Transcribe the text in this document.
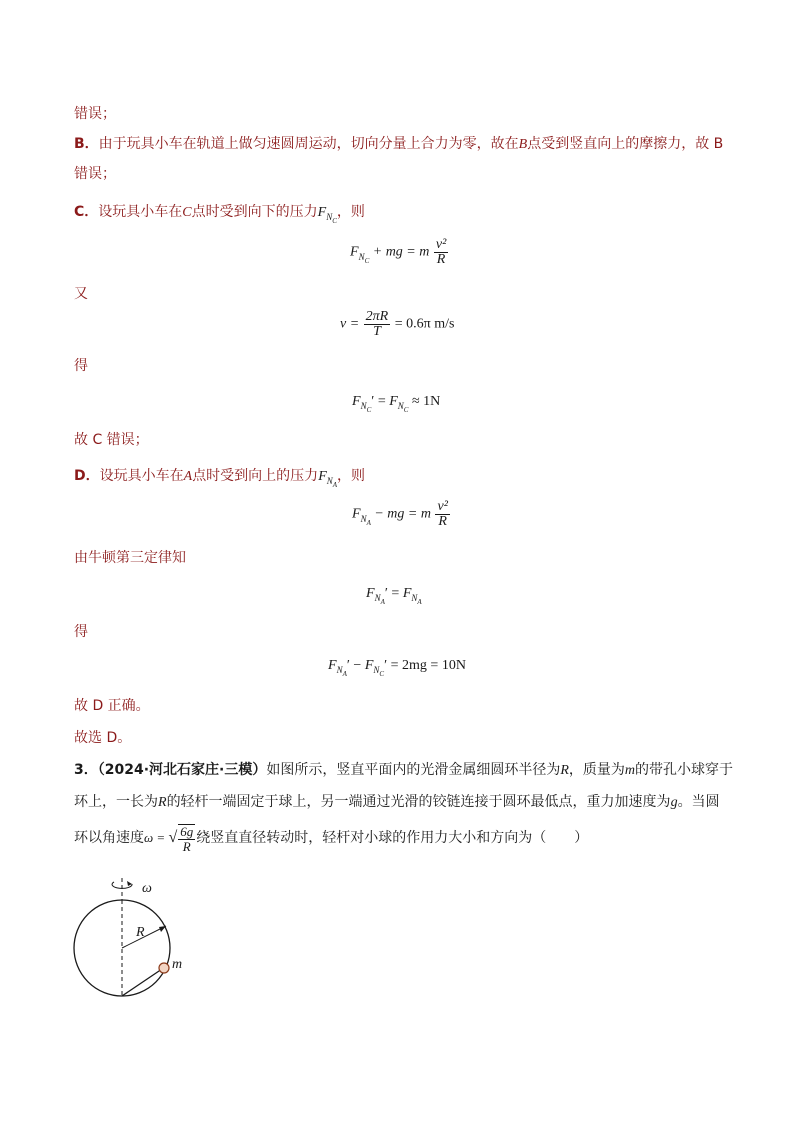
错误；
B．由于玩具小车在轨道上做匀速圆周运动，切向分量上合力为零，故在B点受到竖直向上的摩擦力，故 B
错误；
C．设玩具小车在C点时受到向下的压力$F_{N_C}$，则
$F_{N_C}$ + mg = m $\frac{\text{v²}}{R}$
又
$v = \frac{2\pi R}{T} = 0.6\pi$ m/s
得
$F_{N_C}' = F_{N_C} \approx 1N$
故 C 错误；
D．设玩具小车在A点时受到向上的压力$F_{N_A}$，则
$F_{N_A}$ − mg = m $\frac{\text{v²}}{R}$
由牛顿第三定律知
$F_{N_A}' = F_{N_A}$
得
$F_{N_A}' - F_{N_C}' = 2mg = 10N$
故 D 正确。
故选 D。
3．（2024·河北石家庄·三模）如图所示，竖直平面内的光滑金属细圆环半径为R，质量为m的带孔小球穿于
环上，一长为R的轻杆一端固定于球上，另一端通过光滑的铰链连接于圆环最低点，重力加速度为g。当圆
环以角速度ω = √ $\frac{6g}{R}$ 绕竖直直径转动时，轻杆对小球的作用力大小和方向为（　　）
ω
R
m
